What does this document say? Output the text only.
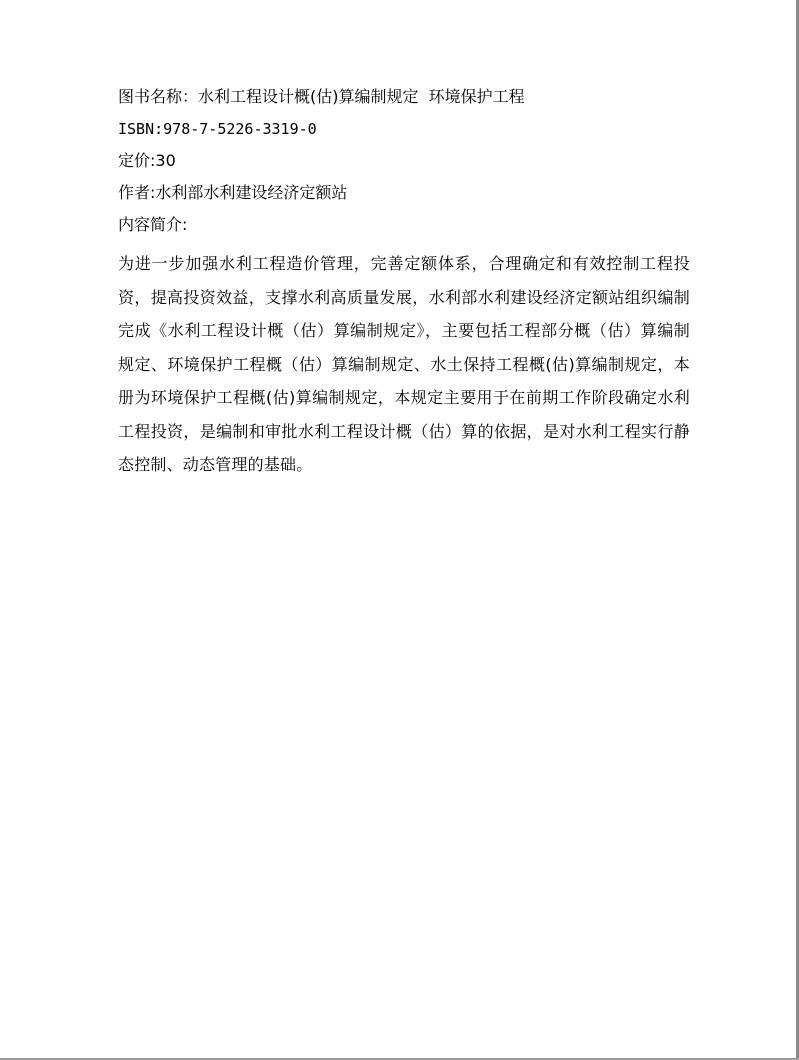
图书名称：水利工程设计概(估)算编制规定  环境保护工程
ISBN:978-7-5226-3319-0
定价:30
作者:水利部水利建设经济定额站
内容简介:

为进一步加强水利工程造价管理，完善定额体系，合理确定和有效控制工程投资，提高投资效益，支撑水利高质量发展，水利部水利建设经济定额站组织编制完成《水利工程设计概（估）算编制规定》，主要包括工程部分概（估）算编制规定、环境保护工程概（估）算编制规定、水土保持工程概(估)算编制规定，本册为环境保护工程概(估)算编制规定，本规定主要用于在前期工作阶段确定水利工程投资，是编制和审批水利工程设计概（估）算的依据，是对水利工程实行静态控制、动态管理的基础。
